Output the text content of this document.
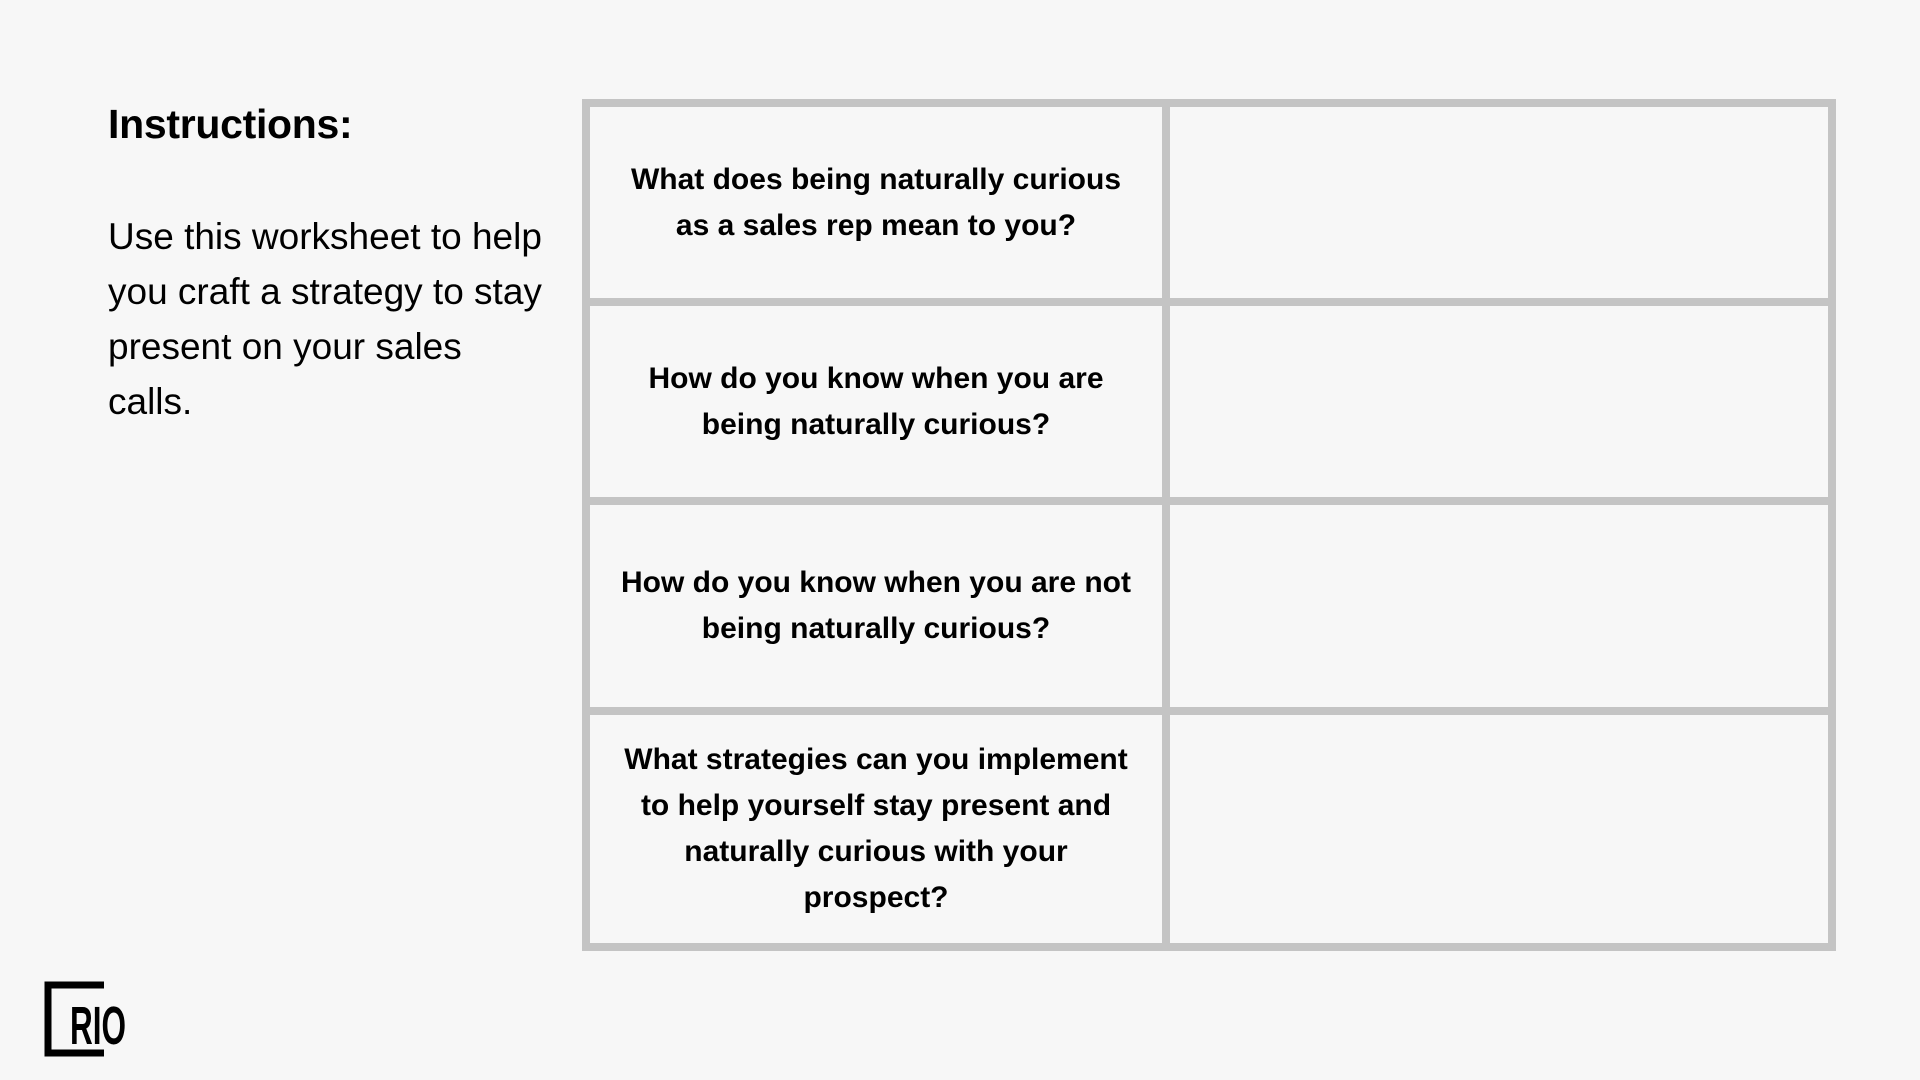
Instructions:

Use this worksheet to help you craft a strategy to stay present on your sales calls.

What does being naturally curious as a sales rep mean to you?	
How do you know when you are being naturally curious?	
How do you know when you are not being naturally curious?	
What strategies can you implement to help yourself stay present and naturally curious with your prospect?	
RIO
